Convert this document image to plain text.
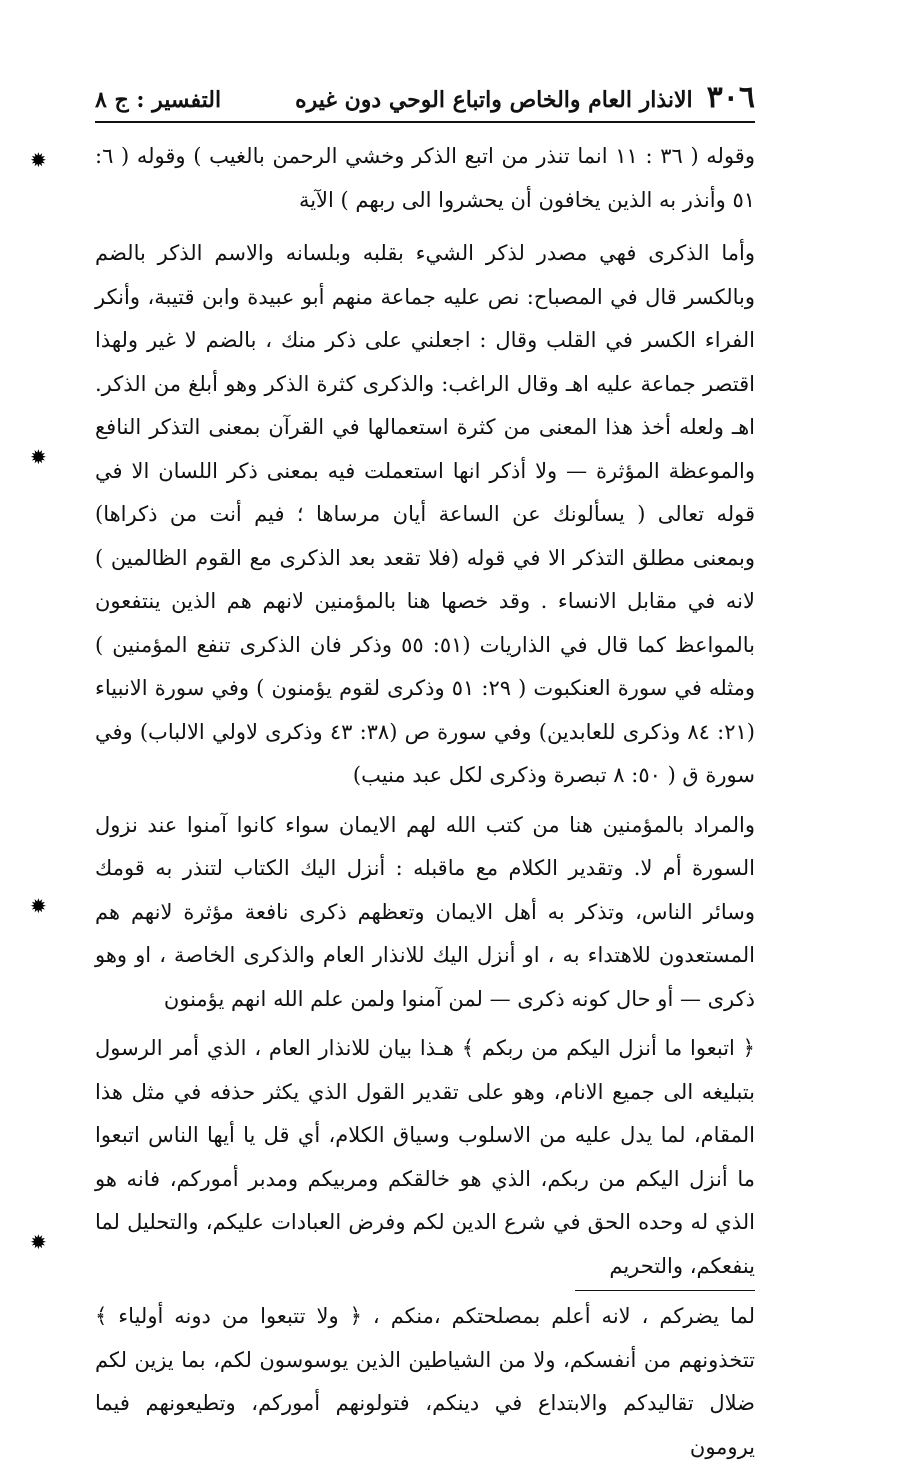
✹
✹
✹
✹
٣٠٦
الانذار العام والخاص واتباع الوحي دون غيره
التفسير : ج ٨

وقوله ( ٣٦ : ١١ انما تنذر من اتبع الذكر وخشي الرحمن بالغيب ) وقوله ( ٦: ٥١ وأنذر به الذين يخافون أن يحشروا الى ربهم ) الآية

وأما الذكرى فهي مصدر لذكر الشيء بقلبه وبلسانه والاسم الذكر بالضم وبالكسر قال في المصباح: نص عليه جماعة منهم أبو عبيدة وابن قتيبة، وأنكر الفراء الكسر في القلب وقال : اجعلني على ذكر منك ، بالضم لا غير ولهذا اقتصر جماعة عليه اهـ وقال الراغب: والذكرى كثرة الذكر وهو أبلغ من الذكر. اهـ ولعله أخذ هذا المعنى من كثرة استعمالها في القرآن بمعنى التذكر النافع والموعظة المؤثرة — ولا أذكر انها استعملت فيه بمعنى ذكر اللسان الا في قوله تعالى ( يسألونك عن الساعة أيان مرساها ؛ فيم أنت من ذكراها) وبمعنى مطلق التذكر الا في قوله (فلا تقعد بعد الذكرى مع القوم الظالمين ) لانه في مقابل الانساء . وقد خصها هنا بالمؤمنين لانهم هم الذين ينتفعون بالمواعظ كما قال في الذاريات (٥١: ٥٥ وذكر فان الذكرى تنفع المؤمنين ) ومثله في سورة العنكبوت ( ٢٩: ٥١ وذكرى لقوم يؤمنون ) وفي سورة الانبياء (٢١: ٨٤ وذكرى للعابدين) وفي سورة ص (٣٨: ٤٣ وذكرى لاولي الالباب) وفي سورة ق ( ٥٠: ٨ تبصرة وذكرى لكل عبد منيب)

والمراد بالمؤمنين هنا من كتب الله لهم الايمان سواء كانوا آمنوا عند نزول السورة أم لا. وتقدير الكلام مع ماقبله : أنزل اليك الكتاب لتنذر به قومك وسائر الناس، وتذكر به أهل الايمان وتعظهم ذكرى نافعة مؤثرة لانهم هم المستعدون للاهتداء به ، او أنزل اليك للانذار العام والذكرى الخاصة ، او وهو ذكرى — أو حال كونه ذكرى — لمن آمنوا ولمن علم الله انهم يؤمنون

﴿ اتبعوا ما أنزل اليكم من ربكم ﴾ هـذا بيان للانذار العام ، الذي أمر الرسول بتبليغه الى جميع الانام، وهو على تقدير القول الذي يكثر حذفه في مثل هذا المقام، لما يدل عليه من الاسلوب وسياق الكلام، أي قل يا أيها الناس اتبعوا ما أنزل اليكم من ربكم، الذي هو خالقكم ومربيكم ومدبر أموركم، فانه هو الذي له وحده الحق في شرع الدين لكم وفرض العبادات عليكم، والتحليل لما ينفعكم، والتحريم

لما يضركم ، لانه أعلم بمصلحتكم ،منكم ، ﴿ ولا تتبعوا من دونه أولياء ﴾ تتخذونهم من أنفسكم، ولا من الشياطين الذين يوسوسون لكم، بما يزين لكم ضلال تقاليدكم والابتداع في دينكم، فتولونهم أموركم، وتطيعونهم فيما يرومون
